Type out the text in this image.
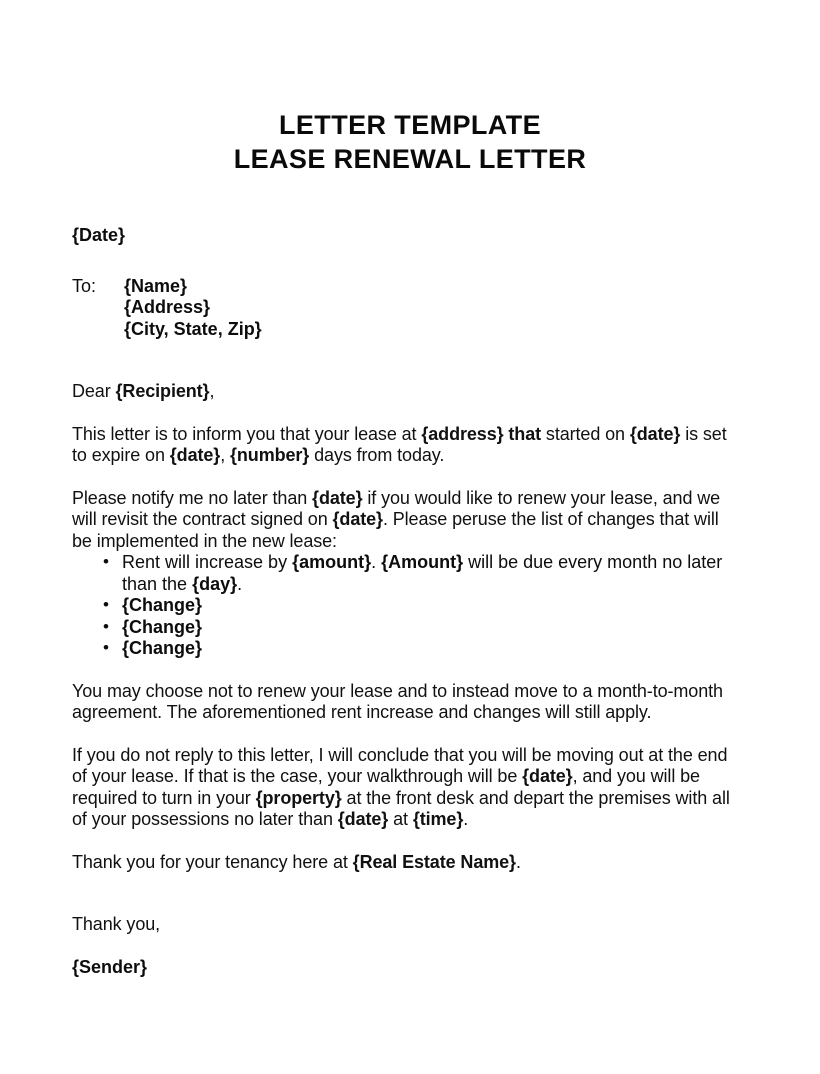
LETTER TEMPLATE
LEASE RENEWAL LETTER

{Date}

To:	{Name}
{Address}
{City, State, Zip}

Dear {Recipient},

This letter is to inform you that your lease at {address} that started on {date} is set to expire on {date}, {number} days from today.

Please notify me no later than {date} if you would like to renew your lease, and we will revisit the contract signed on {date}. Please peruse the list of changes that will be implemented in the new lease:

• Rent will increase by {amount}. {Amount} will be due every month no later than the {day}.
• {Change}
• {Change}
• {Change}

You may choose not to renew your lease and to instead move to a month-to-month agreement. The aforementioned rent increase and changes will still apply.

If you do not reply to this letter, I will conclude that you will be moving out at the end of your lease. If that is the case, your walkthrough will be {date}, and you will be required to turn in your {property} at the front desk and depart the premises with all of your possessions no later than {date} at {time}.

Thank you for your tenancy here at {Real Estate Name}.

Thank you,

{Sender}
